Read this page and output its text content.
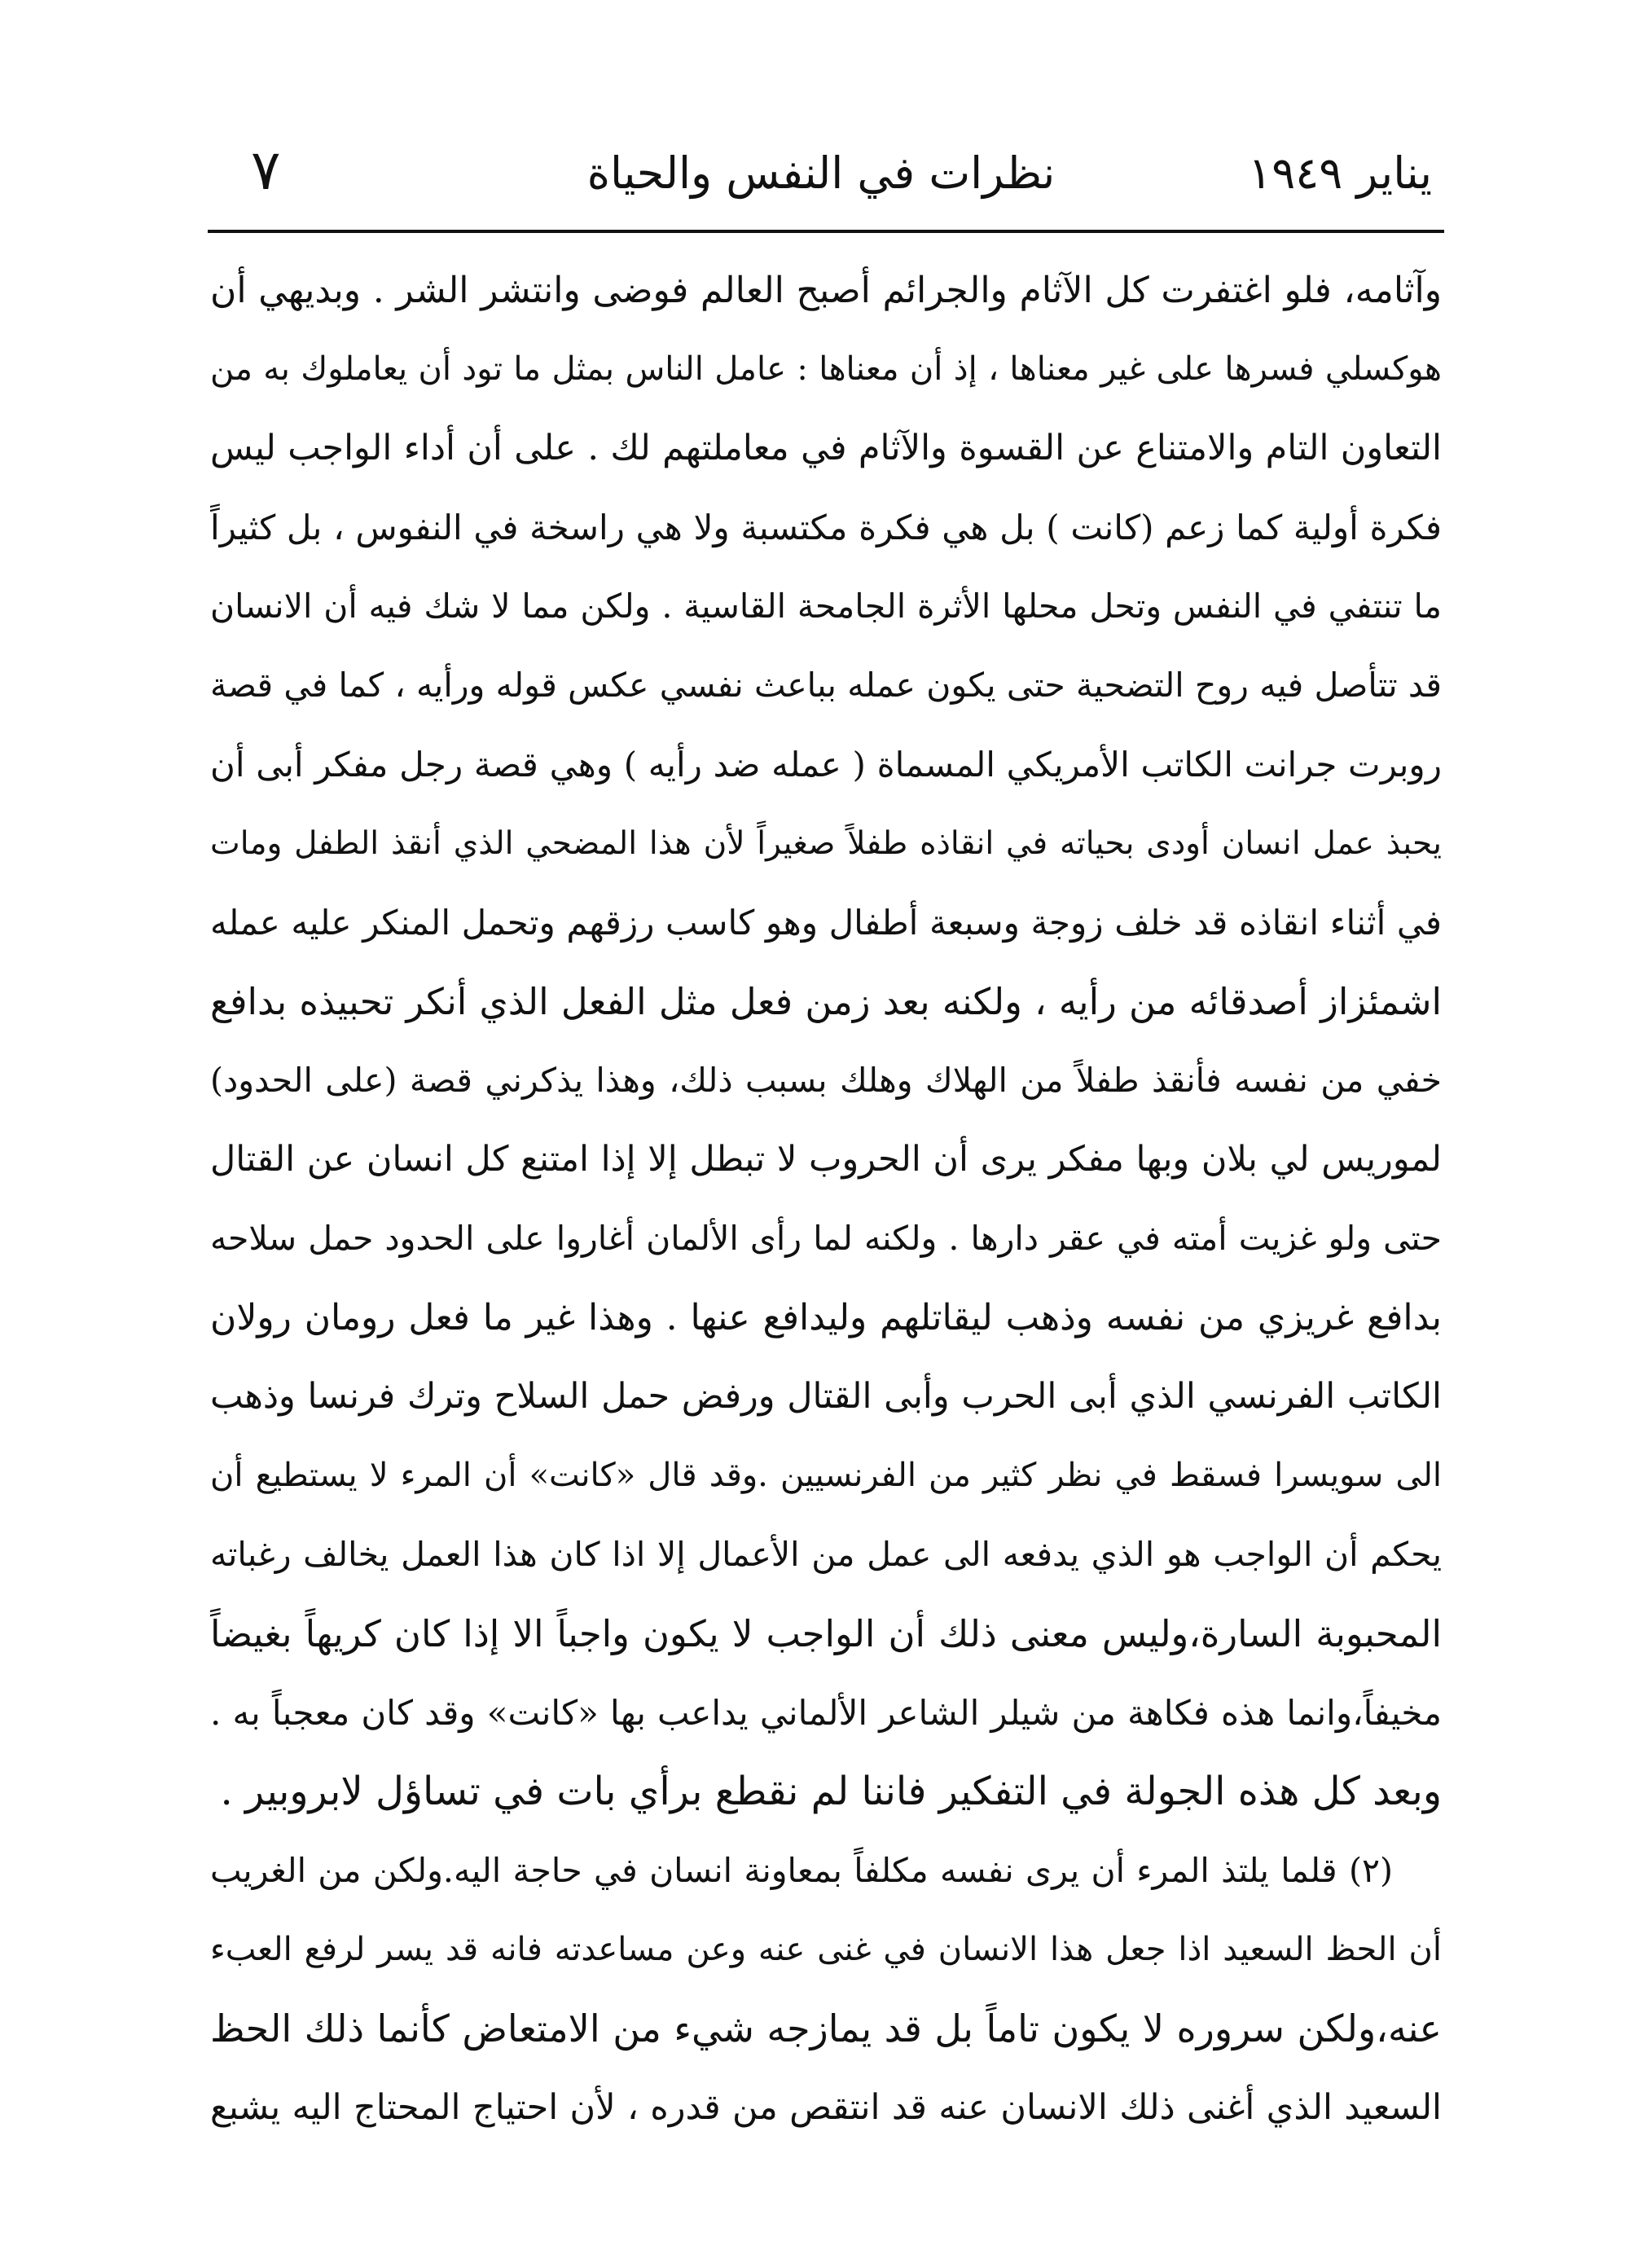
يناير ١٩٤٩
نظرات في النفس والحياة
٧
وآثامه، فلو اغتفرت كل الآثام والجرائم أصبح العالم فوضى وانتشر الشر . وبديهي أن
هوكسلي فسرها على غير معناها ، إذ أن معناها : عامل الناس بمثل ما تود أن يعاملوك به من
التعاون التام والامتناع عن القسوة والآثام في معاملتهم لك . على أن أداء الواجب ليس
فكرة أولية كما زعم (كانت ) بل هي فكرة مكتسبة ولا هي راسخة في النفوس ، بل كثيراً
ما تنتفي في النفس وتحل محلها الأثرة الجامحة القاسية . ولكن مما لا شك فيه أن الانسان
قد تتأصل فيه روح التضحية حتى يكون عمله بباعث نفسي عكس قوله ورأيه ، كما في قصة
روبرت جرانت الكاتب الأمريكي المسماة ( عمله ضد رأيه ) وهي قصة رجل مفكر أبى أن
يحبذ عمل انسان أودى بحياته في انقاذه طفلاً صغيراً لأن هذا المضحي الذي أنقذ الطفل ومات
في أثناء انقاذه قد خلف زوجة وسبعة أطفال وهو كاسب رزقهم وتحمل المنكر عليه عمله
اشمئزاز أصدقائه من رأيه ، ولكنه بعد زمن فعل مثل الفعل الذي أنكر تحبيذه بدافع
خفي من نفسه فأنقذ طفلاً من الهلاك وهلك بسبب ذلك، وهذا يذكرني قصة (على الحدود)
لموريس لي بلان وبها مفكر يرى أن الحروب لا تبطل إلا إذا امتنع كل انسان عن القتال
حتى ولو غزيت أمته في عقر دارها . ولكنه لما رأى الألمان أغاروا على الحدود حمل سلاحه
بدافع غريزي من نفسه وذهب ليقاتلهم وليدافع عنها . وهذا غير ما فعل رومان رولان
الكاتب الفرنسي الذي أبى الحرب وأبى القتال ورفض حمل السلاح وترك فرنسا وذهب
الى سويسرا فسقط في نظر كثير من الفرنسيين .وقد قال «كانت» أن المرء لا يستطيع أن
يحكم أن الواجب هو الذي يدفعه الى عمل من الأعمال إلا اذا كان هذا العمل يخالف رغباته
المحبوبة السارة،وليس معنى ذلك أن الواجب لا يكون واجباً الا إذا كان كريهاً بغيضاً
مخيفاً،وانما هذه فكاهة من شيلر الشاعر الألماني يداعب بها «كانت» وقد كان معجباً به .
وبعد كل هذه الجولة في التفكير فاننا لم نقطع برأي بات في تساؤل لابروبير .
(٢) قلما يلتذ المرء أن يرى نفسه مكلفاً بمعاونة انسان في حاجة اليه.ولكن من الغريب
أن الحظ السعيد اذا جعل هذا الانسان في غنى عنه وعن مساعدته فانه قد يسر لرفع العبء
عنه،ولكن سروره لا يكون تاماً بل قد يمازجه شيء من الامتعاض كأنما ذلك الحظ
السعيد الذي أغنى ذلك الانسان عنه قد انتقص من قدره ، لأن احتياج المحتاج اليه يشبع
